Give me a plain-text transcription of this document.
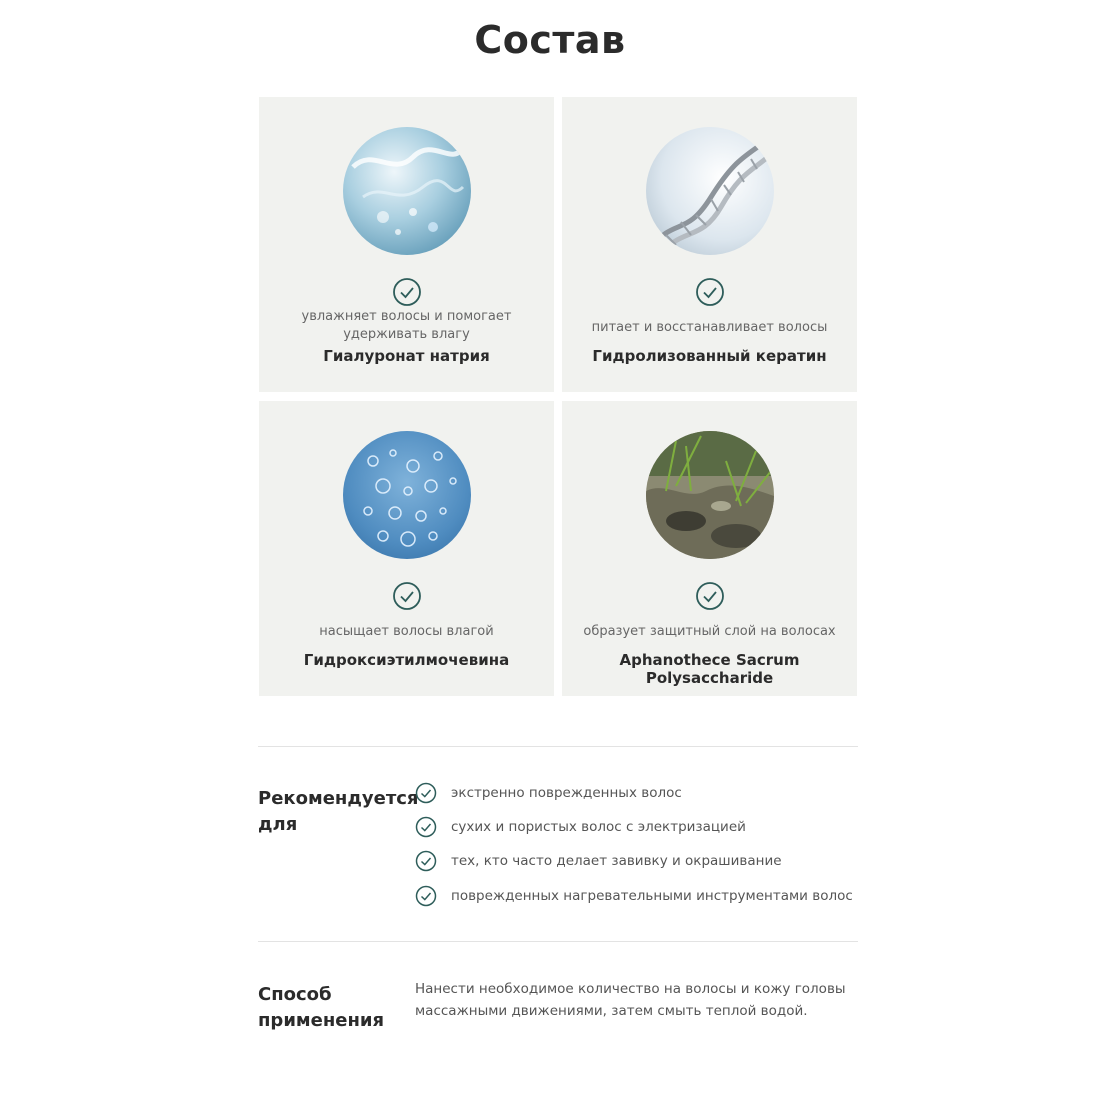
Состав
увлажняет волосы и помогает удерживать влагу
Гиалуронат натрия
питает и восстанавливает волосы
Гидролизованный кератин
насыщает волосы влагой
Гидроксиэтилмочевина
образует защитный слой на волосах
Aphanothece Sacrum Polysaccharide
Рекомендуется для
экстренно поврежденных волос
сухих и пористых волос с электризацией
тех, кто часто делает завивку и окрашивание
поврежденных нагревательными инструментами волос
Способ применения
Нанести необходимое количество на волосы и кожу головы массажными движениями, затем смыть теплой водой.
